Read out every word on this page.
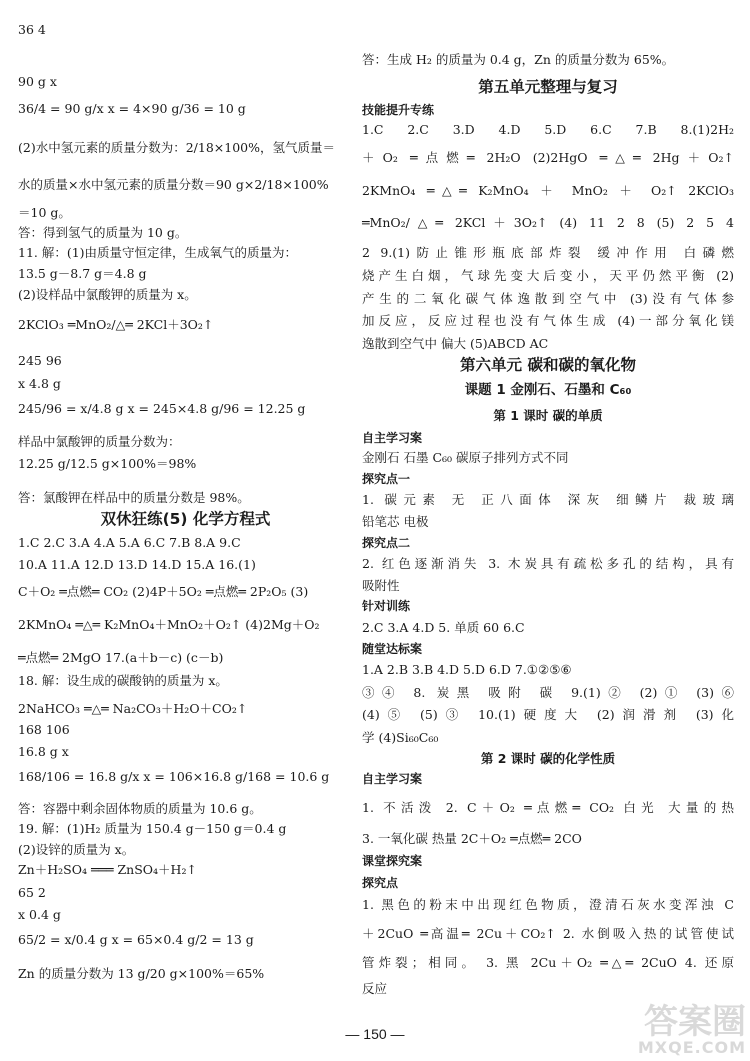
36 4
90 g x
36/4 = 90 g/x x = 4×90 g/36 = 10 g
(2)水中氢元素的质量分数为：2/18×100%，氢气质量＝
水的质量×水中氢元素的质量分数＝90 g×2/18×100%
＝10 g。
答：得到氢气的质量为 10 g。
11. 解：(1)由质量守恒定律，生成氧气的质量为：
13.5 g－8.7 g＝4.8 g
(2)设样品中氯酸钾的质量为 x。
2KClO₃ ═MnO₂/△═ 2KCl＋3O₂↑
245 96
x 4.8 g
245/96 = x/4.8 g x = 245×4.8 g/96 = 12.25 g
样品中氯酸钾的质量分数为：
12.25 g/12.5 g×100%＝98%
答：氯酸钾在样品中的质量分数是 98%。
1.C 2.C 3.A 4.A 5.A 6.C 7.B 8.A 9.C
10.A 11.A 12.D 13.D 14.D 15.A 16.(1)
C＋O₂ ═点燃═ CO₂ (2)4P＋5O₂ ═点燃═ 2P₂O₅ (3)
2KMnO₄ ═△═ K₂MnO₄＋MnO₂＋O₂↑ (4)2Mg＋O₂
═点燃═ 2MgO 17.(a＋b－c) (c－b)
18. 解：设生成的碳酸钠的质量为 x。
2NaHCO₃ ═△═ Na₂CO₃＋H₂O＋CO₂↑
168 106
16.8 g x
168/106 = 16.8 g/x x = 106×16.8 g/168 = 10.6 g
答：容器中剩余固体物质的质量为 10.6 g。
19. 解：(1)H₂ 质量为 150.4 g－150 g＝0.4 g
(2)设锌的质量为 x。
Zn＋H₂SO₄ ═══ ZnSO₄＋H₂↑
65 2
x 0.4 g
65/2 = x/0.4 g x = 65×0.4 g/2 = 13 g
Zn 的质量分数为 13 g/20 g×100%＝65%
双休狂练(5) 化学方程式
答：生成 H₂ 的质量为 0.4 g，Zn 的质量分数为 65%。
1.C 2.C 3.D 4.D 5.D 6.C 7.B 8.(1)2H₂
＋O₂ ═点燃═ 2H₂O (2)2HgO ═△═ 2Hg＋O₂↑
2KMnO₄ ═△═ K₂MnO₄ ＋ MnO₂ ＋ O₂↑ 2KClO₃
═MnO₂/△═ 2KCl＋3O₂↑ (4) 11 2 8 (5) 2 5 4
2 9.(1)防止锥形瓶底部炸裂 缓冲作用 白磷燃
烧产生白烟，气球先变大后变小，天平仍然平衡 (2)
产生的二氧化碳气体逸散到空气中 (3)没有气体参
加反应，反应过程也没有气体生成 (4)一部分氧化镁
逸散到空气中 偏大 (5)ABCD AC
金刚石 石墨 C₆₀ 碳原子排列方式不同
1. 碳元素 无 正八面体 深灰 细鳞片 裁玻璃
铅笔芯 电极
2. 红色逐渐消失 3. 木炭具有疏松多孔的结构，具有
吸附性
2.C 3.A 4.D 5. 单质 60 6.C
1.A 2.B 3.B 4.D 5.D 6.D 7.①②⑤⑥
③④ 8. 炭黑 吸附 碳 9.(1)② (2)① (3)⑥
(4)⑤ (5)③ 10.(1)硬度大 (2)润滑剂 (3)化
学 (4)Si₆₀C₆₀
1. 不活泼 2. C＋O₂ ═点燃═ CO₂ 白光 大量的热
3. 一氧化碳 热量 2C＋O₂ ═点燃═ 2CO
1. 黑色的粉末中出现红色物质，澄清石灰水变浑浊 C
＋2CuO ═高温═ 2Cu＋CO₂↑ 2. 水倒吸入热的试管使试
管炸裂；相同。 3. 黑 2Cu＋O₂ ═△═ 2CuO 4. 还原
反应
第五单元整理与复习
第六单元 碳和碳的氧化物
课题 1 金刚石、石墨和 C₆₀
第 1 课时 碳的单质
第 2 课时 碳的化学性质
技能提升专练
自主学习案
探究点一
探究点二
针对训练
随堂达标案
自主学习案
课堂探究案
探究点
— 150 —	答案圈
MXQE.COM
